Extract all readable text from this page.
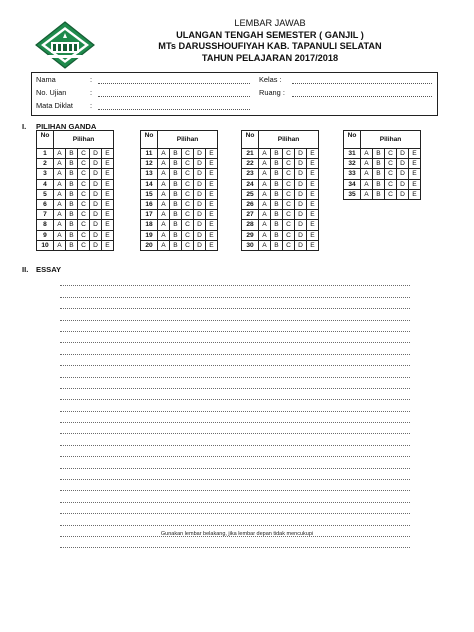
LEMBAR JAWAB
ULANGAN TENGAH SEMESTER ( GANJIL )
MTs DARUSSHOUFIYAH KAB. TAPANULI SELATAN
TAHUN PELAJARAN 2017/2018
Nama	:	Kelas :
No. Ujian	:	Ruang :
Mata Diklat :
I. PILIHAN GANDA
No	Pilihan				
1	A	B	C	D	E
2	A	B	C	D	E
3	A	B	C	D	E
4	A	B	C	D	E
5	A	B	C	D	E
6	A	B	C	D	E
7	A	B	C	D	E
8	A	B	C	D	E
9	A	B	C	D	E
10	A	B	C	D	E
No	Pilihan				
11	A	B	C	D	E
12	A	B	C	D	E
13	A	B	C	D	E
14	A	B	C	D	E
15	A	B	C	D	E
16	A	B	C	D	E
17	A	B	C	D	E
18	A	B	C	D	E
19	A	B	C	D	E
20	A	B	C	D	E
No	Pilihan				
21	A	B	C	D	E
22	A	B	C	D	E
23	A	B	C	D	E
24	A	B	C	D	E
25	A	B	C	D	E
26	A	B	C	D	E
27	A	B	C	D	E
28	A	B	C	D	E
29	A	B	C	D	E
30	A	B	C	D	E
No	Pilihan				
31	A	B	C	D	E
32	A	B	C	D	E
33	A	B	C	D	E
34	A	B	C	D	E
35	A	B	C	D	E
II. ESSAY
Gunakan lembar belakang, jika lembar depan tidak mencukupi
